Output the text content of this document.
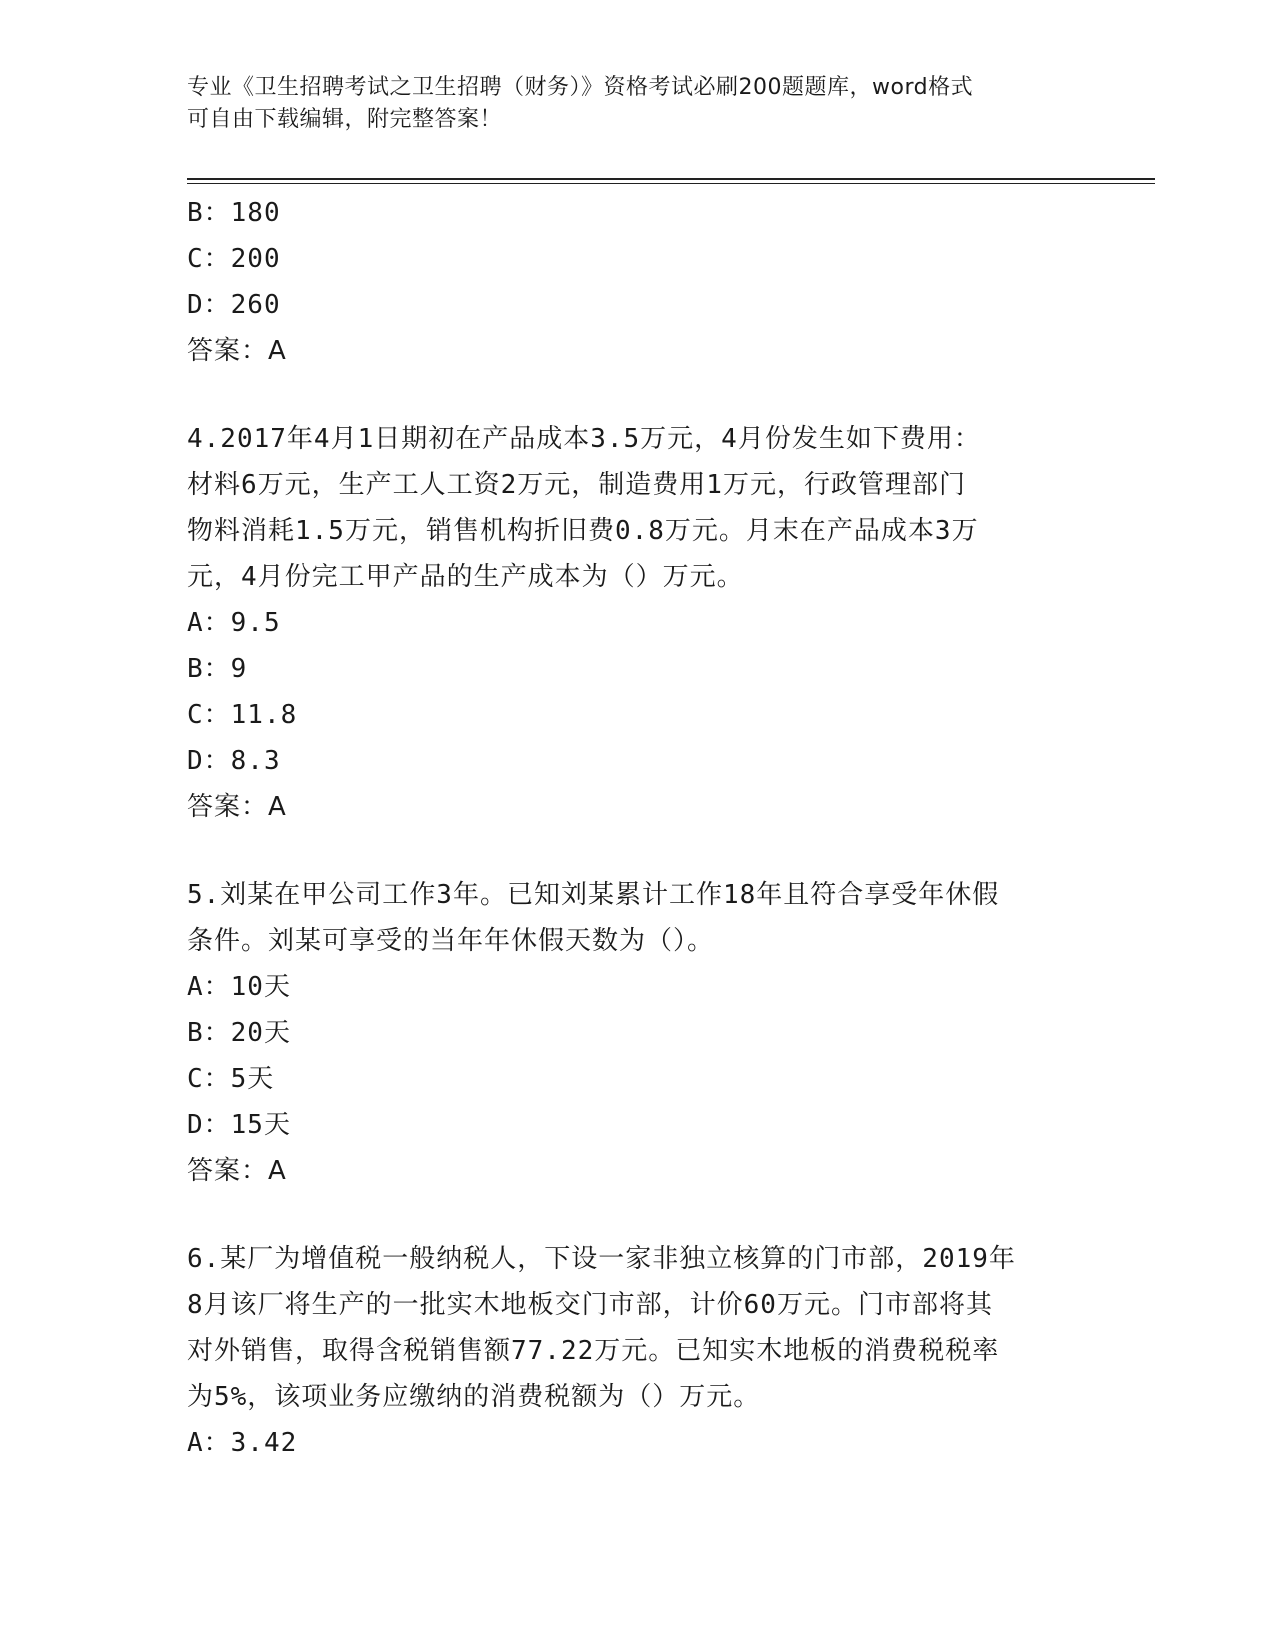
专业《卫生招聘考试之卫生招聘（财务）》资格考试必刷200题题库，word格式
可自由下载编辑，附完整答案！
B：180
C：200
D：260
答案：A
4.2017年4月1日期初在产品成本3.5万元，4月份发生如下费用：
材料6万元，生产工人工资2万元，制造费用1万元，行政管理部门
物料消耗1.5万元，销售机构折旧费0.8万元。月末在产品成本3万
元，4月份完工甲产品的生产成本为（）万元。
A：9.5
B：9
C：11.8
D：8.3
答案：A
5.刘某在甲公司工作3年。已知刘某累计工作18年且符合享受年休假
条件。刘某可享受的当年年休假天数为（）。
A：10天
B：20天
C：5天
D：15天
答案：A
6.某厂为增值税一般纳税人，下设一家非独立核算的门市部，2019年
8月该厂将生产的一批实木地板交门市部，计价60万元。门市部将其
对外销售，取得含税销售额77.22万元。已知实木地板的消费税税率
为5%，该项业务应缴纳的消费税额为（）万元。
A：3.42
